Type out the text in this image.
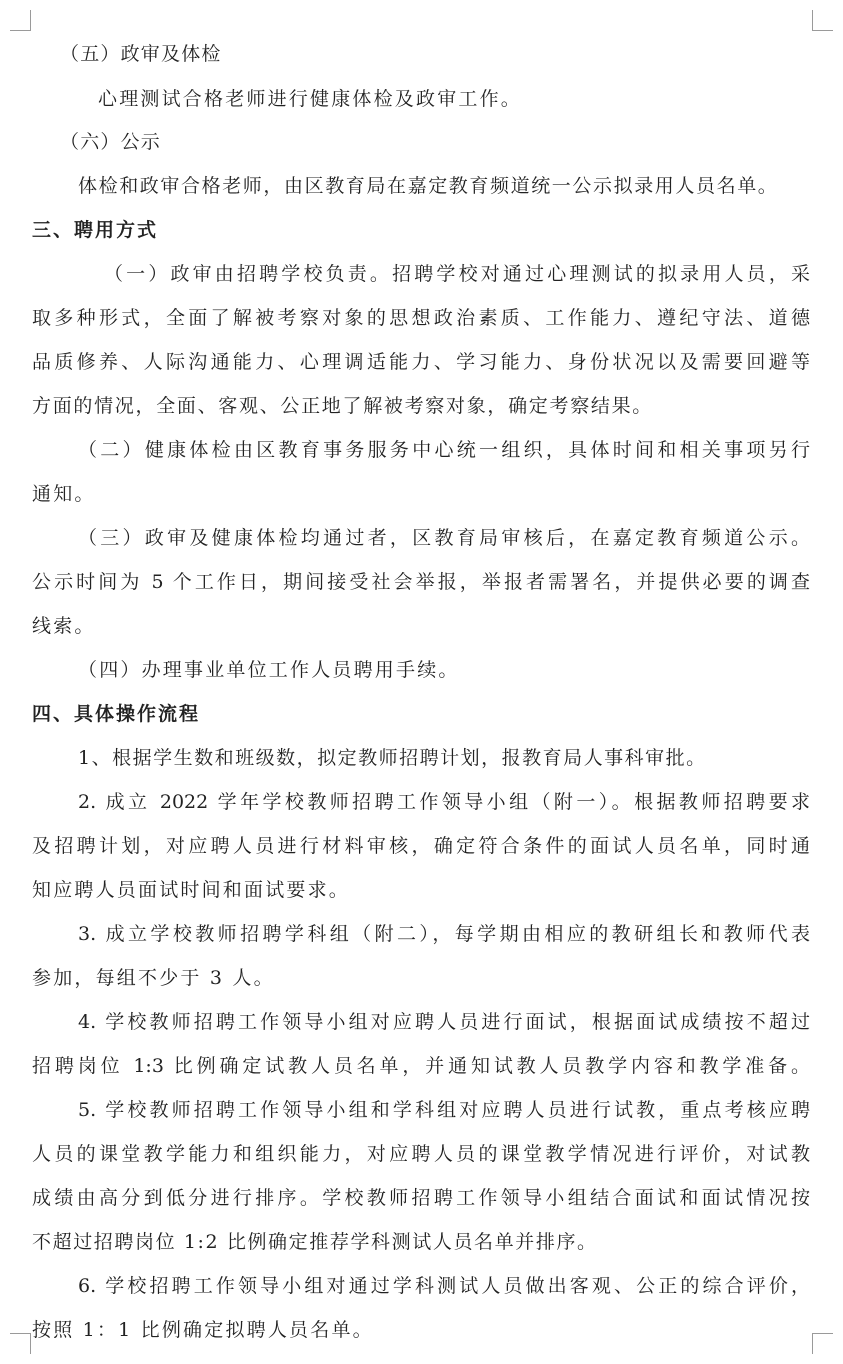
（五）政审及体检
心理测试合格老师进行健康体检及政审工作。
（六）公示
体检和政审合格老师，由区教育局在嘉定教育频道统一公示拟录用人员名单。
三、聘用方式
（一）政审由招聘学校负责。招聘学校对通过心理测试的拟录用人员，采
取多种形式，全面了解被考察对象的思想政治素质、工作能力、遵纪守法、道德
品质修养、人际沟通能力、心理调适能力、学习能力、身份状况以及需要回避等
方面的情况，全面、客观、公正地了解被考察对象，确定考察结果。
（二）健康体检由区教育事务服务中心统一组织，具体时间和相关事项另行
通知。
（三）政审及健康体检均通过者，区教育局审核后，在嘉定教育频道公示。
公示时间为 5 个工作日，期间接受社会举报，举报者需署名，并提供必要的调查
线索。
（四）办理事业单位工作人员聘用手续。
四、具体操作流程
1、根据学生数和班级数，拟定教师招聘计划，报教育局人事科审批。
2. 成立 2022 学年学校教师招聘工作领导小组（附一）。根据教师招聘要求
及招聘计划，对应聘人员进行材料审核，确定符合条件的面试人员名单，同时通
知应聘人员面试时间和面试要求。
3. 成立学校教师招聘学科组（附二），每学期由相应的教研组长和教师代表
参加，每组不少于 3 人。
4. 学校教师招聘工作领导小组对应聘人员进行面试，根据面试成绩按不超过
招聘岗位 1:3 比例确定试教人员名单，并通知试教人员教学内容和教学准备。
5. 学校教师招聘工作领导小组和学科组对应聘人员进行试教，重点考核应聘
人员的课堂教学能力和组织能力，对应聘人员的课堂教学情况进行评价，对试教
成绩由高分到低分进行排序。学校教师招聘工作领导小组结合面试和面试情况按
不超过招聘岗位 1:2 比例确定推荐学科测试人员名单并排序。
6. 学校招聘工作领导小组对通过学科测试人员做出客观、公正的综合评价，
按照 1：1 比例确定拟聘人员名单。
